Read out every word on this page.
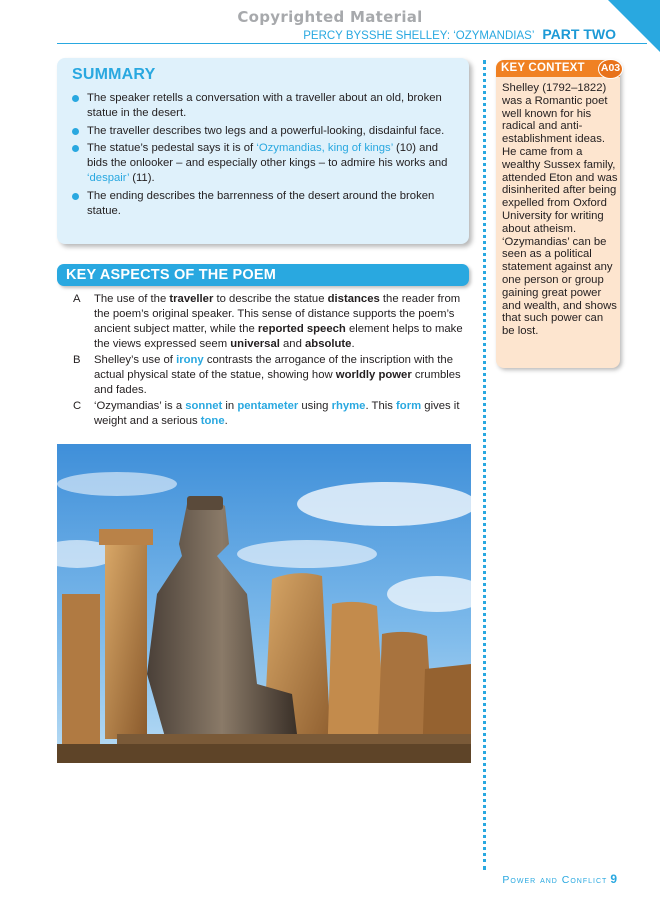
Copyrighted Material
PERCY BYSSHE SHELLEY: ‘OZYMANDIAS’ PART TWO
SUMMARY
The speaker retells a conversation with a traveller about an old, broken statue in the desert.
The traveller describes two legs and a powerful-looking, disdainful face.
The statue’s pedestal says it is of ‘Ozymandias, king of kings’ (10) and bids the onlooker – and especially other kings – to admire his works and ‘despair’ (11).
The ending describes the barrenness of the desert around the broken statue.
KEY ASPECTS OF THE POEM

A The use of the traveller to describe the statue distances the reader from the poem’s original speaker. This sense of distance supports the poem’s ancient subject matter, while the reported speech element helps to make the views expressed seem universal and absolute.

B Shelley’s use of irony contrasts the arrogance of the inscription with the actual physical state of the statue, showing how worldly power crumbles and fades.

C ‘Ozymandias’ is a sonnet in pentameter using rhyme. This form gives it weight and a serious tone.

KEY CONTEXT	A03
Shelley (1792–1822) was a Romantic poet well known for his radical and anti-establishment ideas. He came from a wealthy Sussex family, attended Eton and was disinherited after being expelled from Oxford University for writing about atheism. ‘Ozymandias’ can be seen as a political statement against any one person or group gaining great power and wealth, and shows that such power can be lost.
Power and Conflict 9
